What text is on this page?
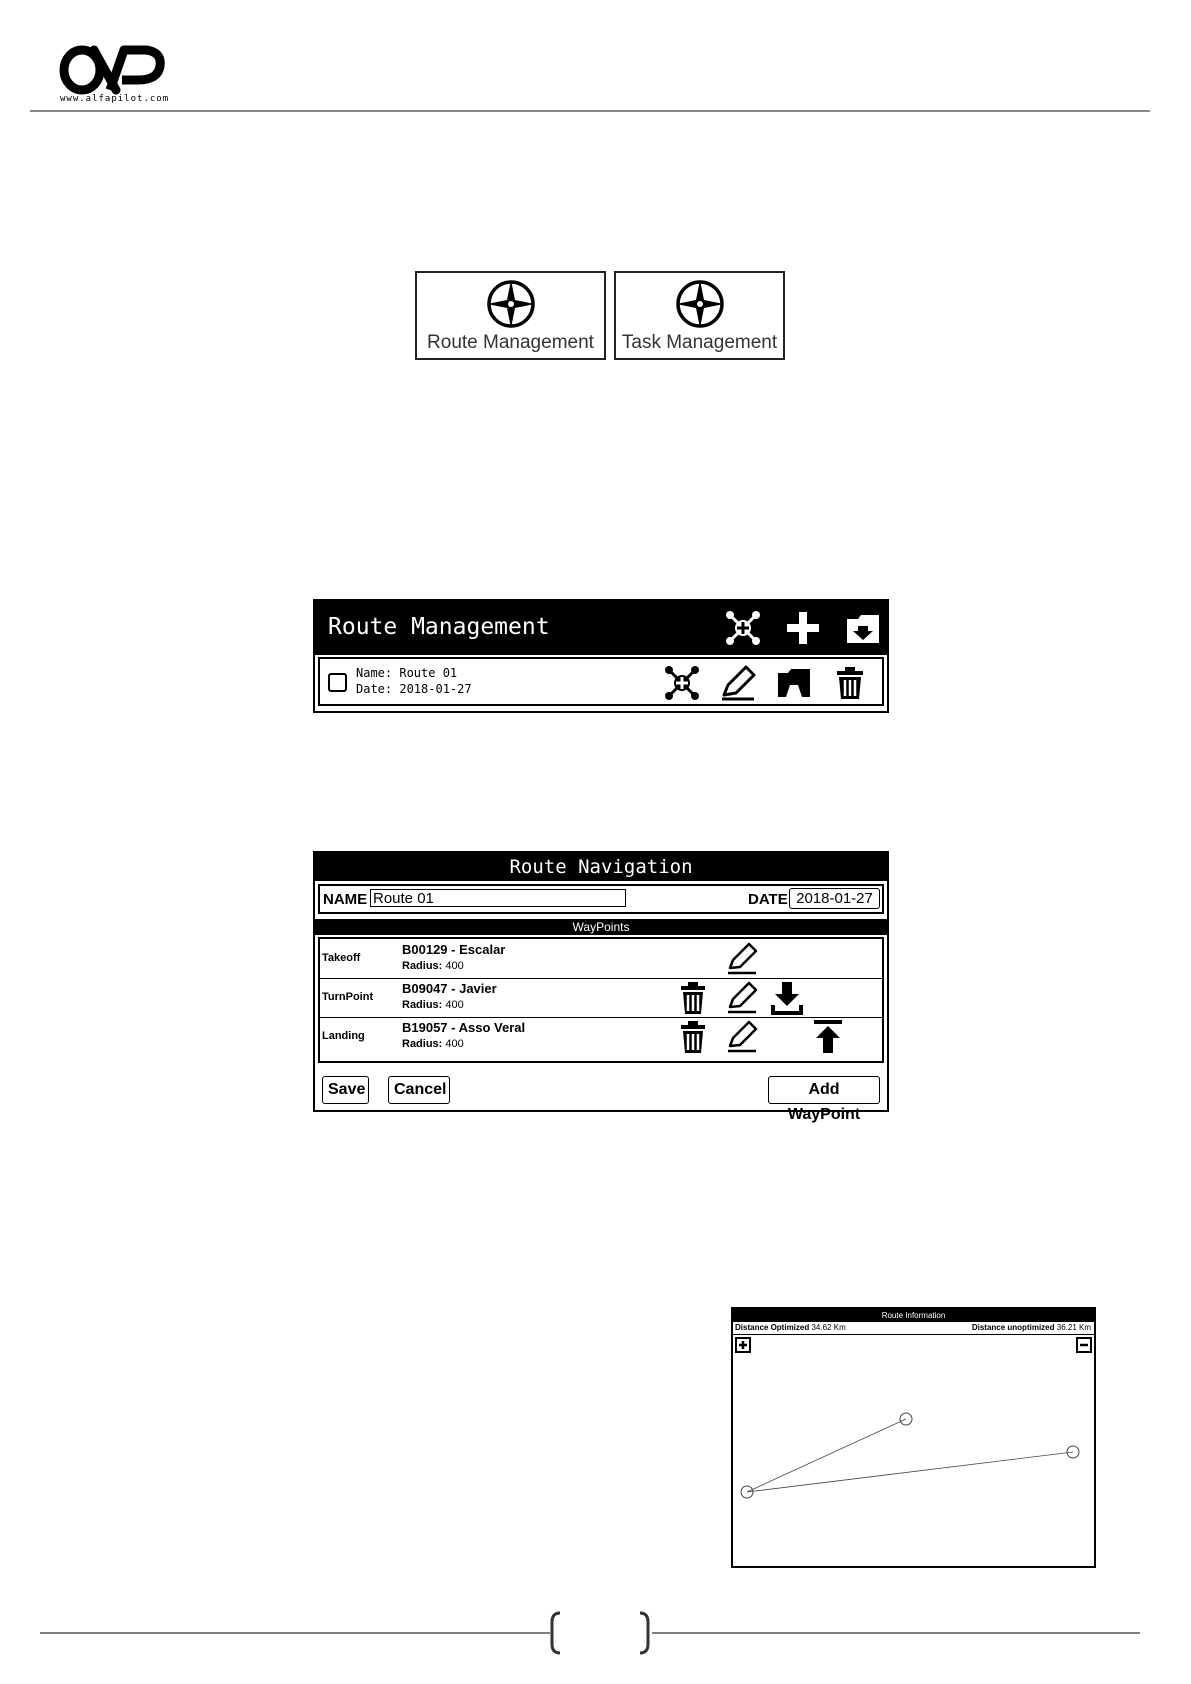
www.alfapilot.com
Route Management	Task Management
Route Management
Name: Route 01
Date: 2018-01-27
Route Navigation
NAME Route 01	DATE 2018-01-27
WayPoints
Takeoff
B00129 - Escalar
Radius: 400
TurnPoint
B09047 - Javier
Radius: 400
Landing
B19057 - Asso Veral
Radius: 400
Save	Cancel	Add WayPoint
Route Information
Distance Optimized 34.62 Km	Distance unoptimized 36.21 Km
